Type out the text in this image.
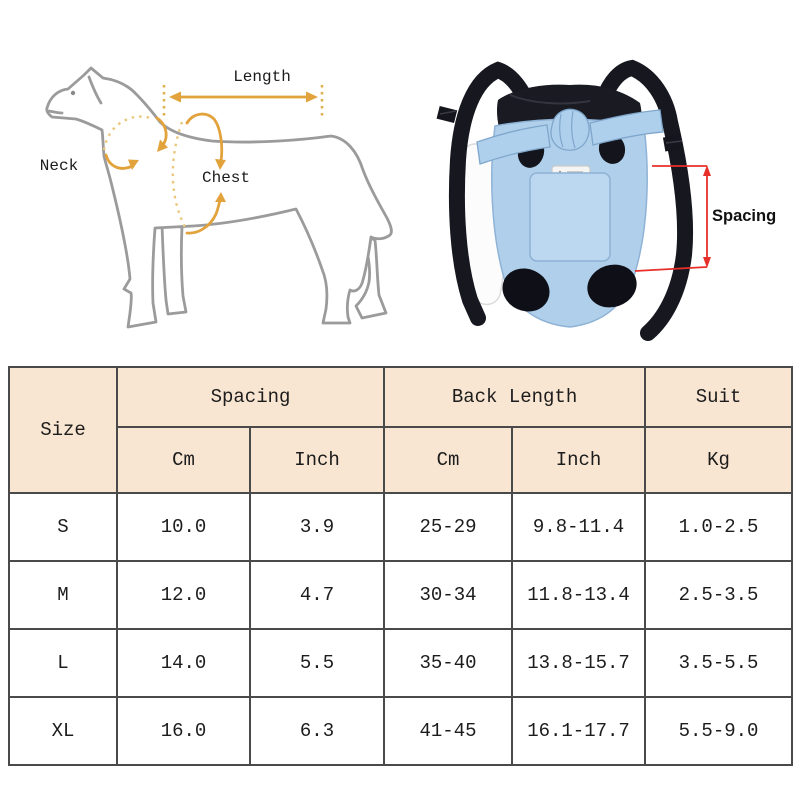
Length
Neck
Chest
Spacing
Size	Spacing		Back Length		Suit
	Cm	Inch	Cm	Inch	Kg
S	10.0	3.9	25-29	9.8-11.4	1.0-2.5
M	12.0	4.7	30-34	11.8-13.4	2.5-3.5
L	14.0	5.5	35-40	13.8-15.7	3.5-5.5
XL	16.0	6.3	41-45	16.1-17.7	5.5-9.0
